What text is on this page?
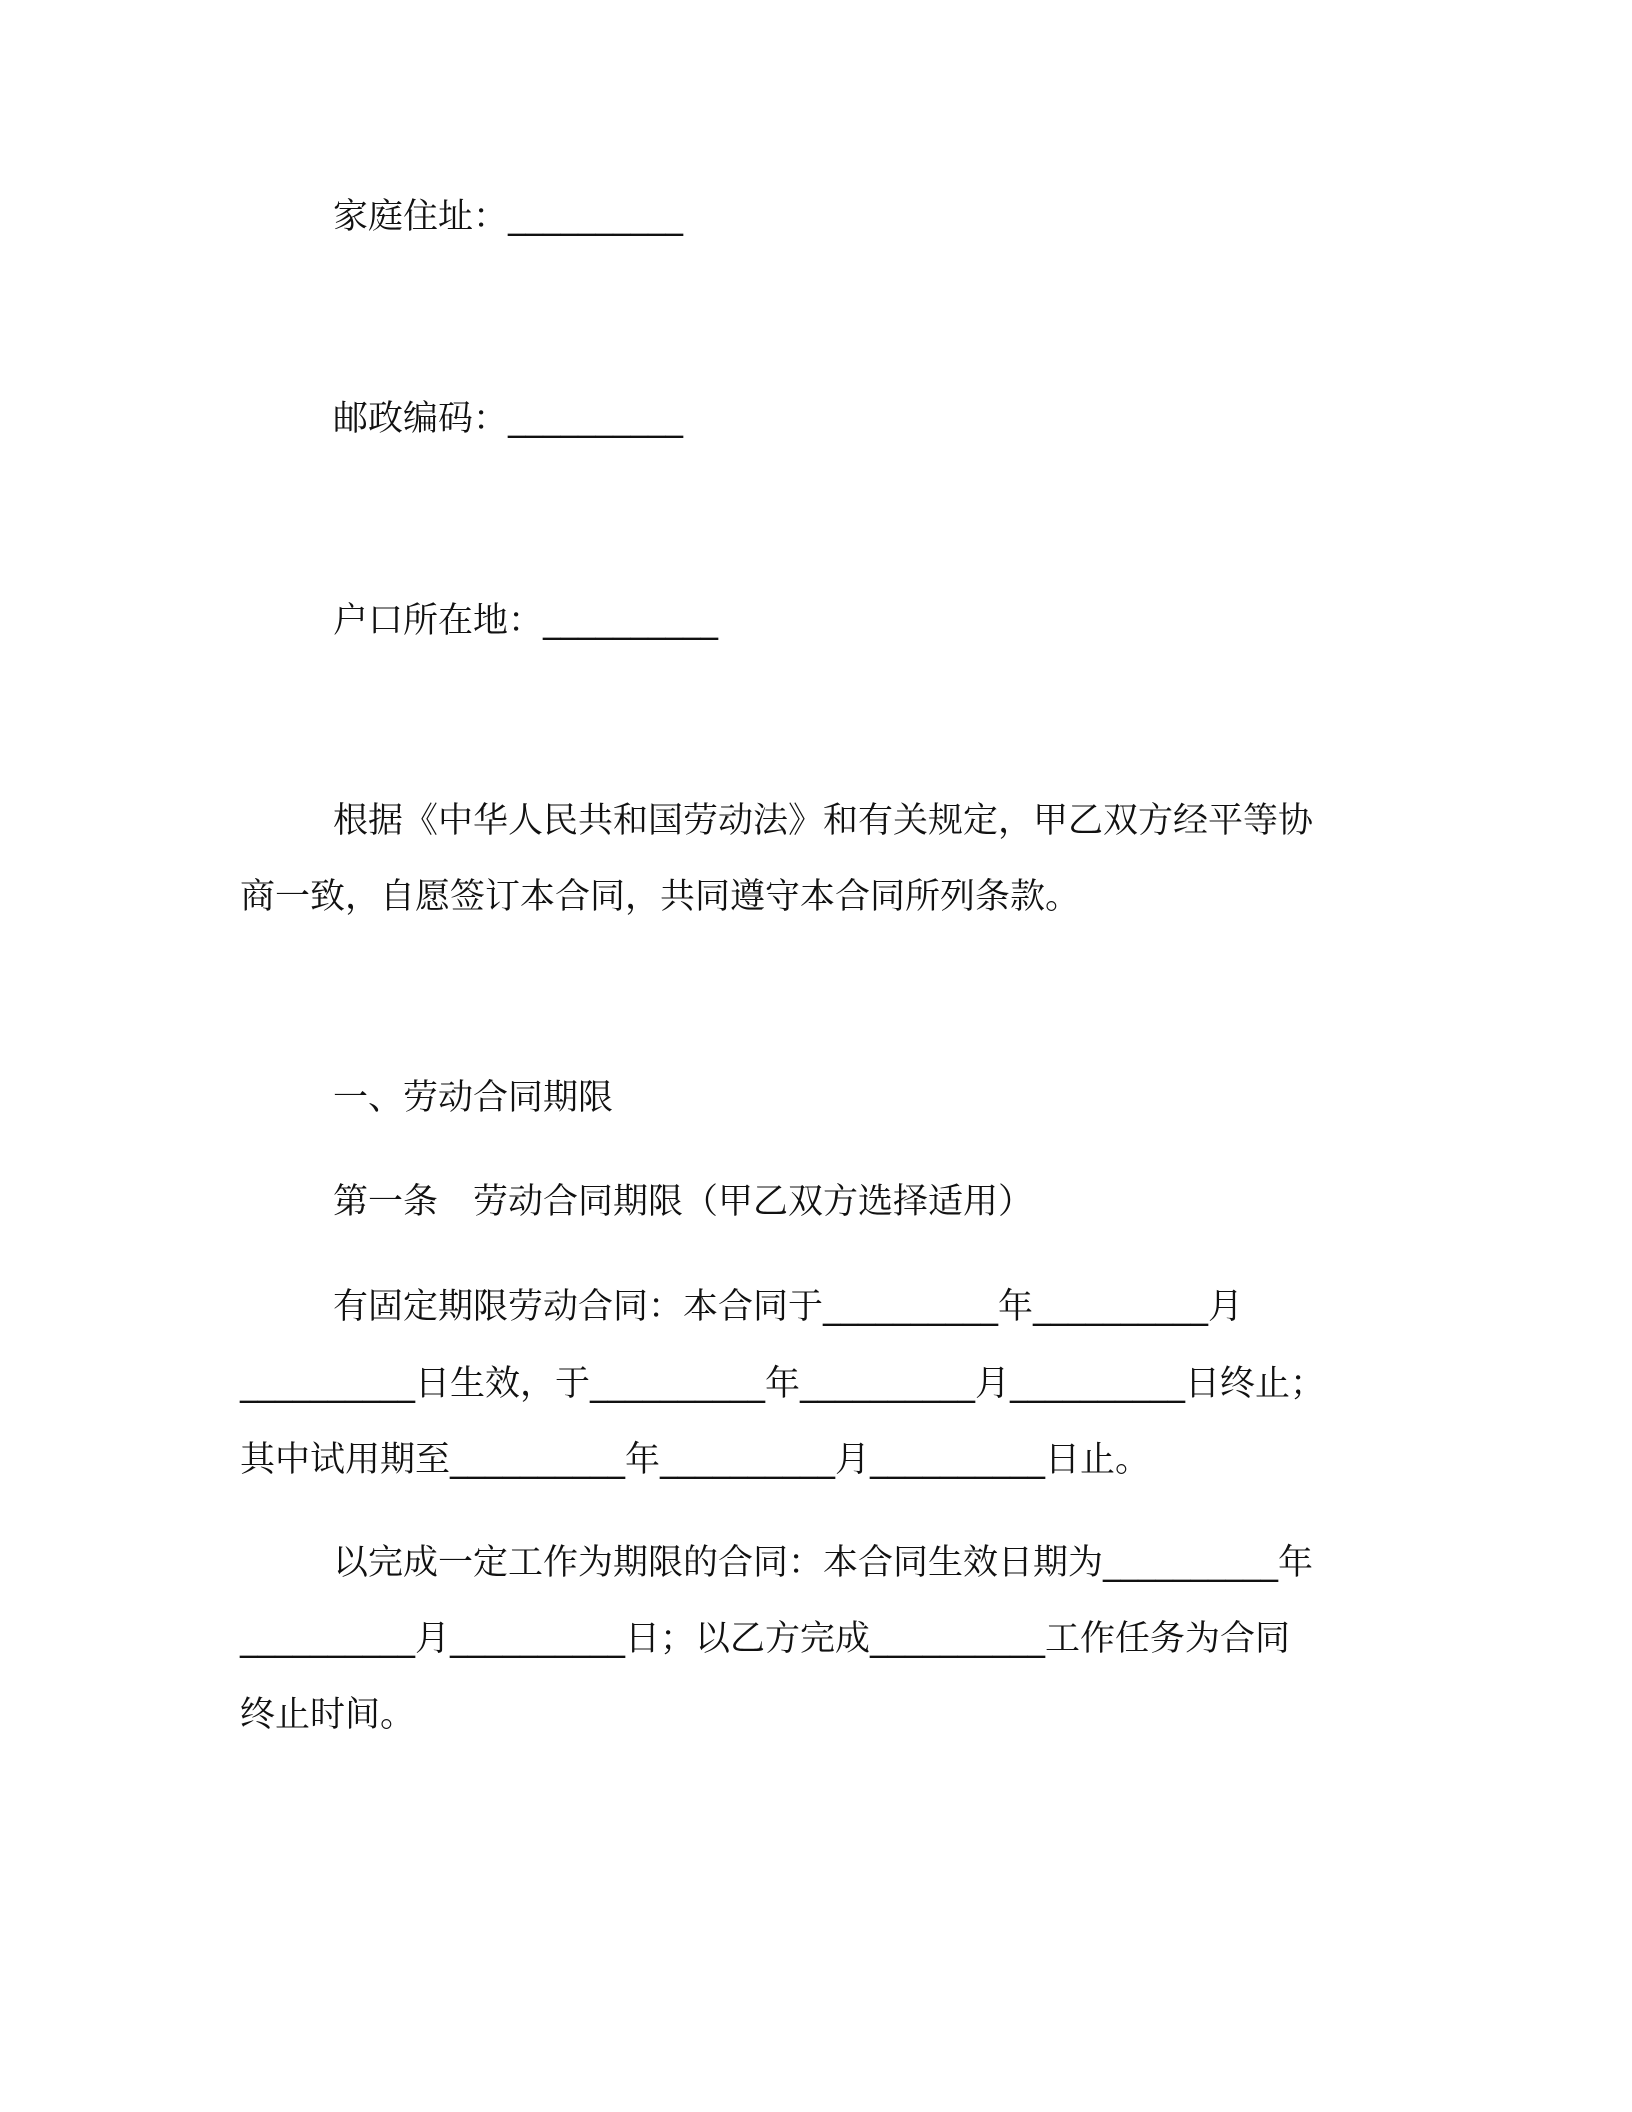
家庭住址：__________
邮政编码：__________
户口所在地：__________
根据《中华人民共和国劳动法》和有关规定，甲乙双方经平等协
商一致，自愿签订本合同，共同遵守本合同所列条款。
一、劳动合同期限
第一条　劳动合同期限（甲乙双方选择适用）
有固定期限劳动合同：本合同于__________年__________月
__________日生效，于__________年__________月__________日终止；
其中试用期至__________年__________月__________日止。
以完成一定工作为期限的合同：本合同生效日期为__________年
__________月__________日；以乙方完成__________工作任务为合同
终止时间。
